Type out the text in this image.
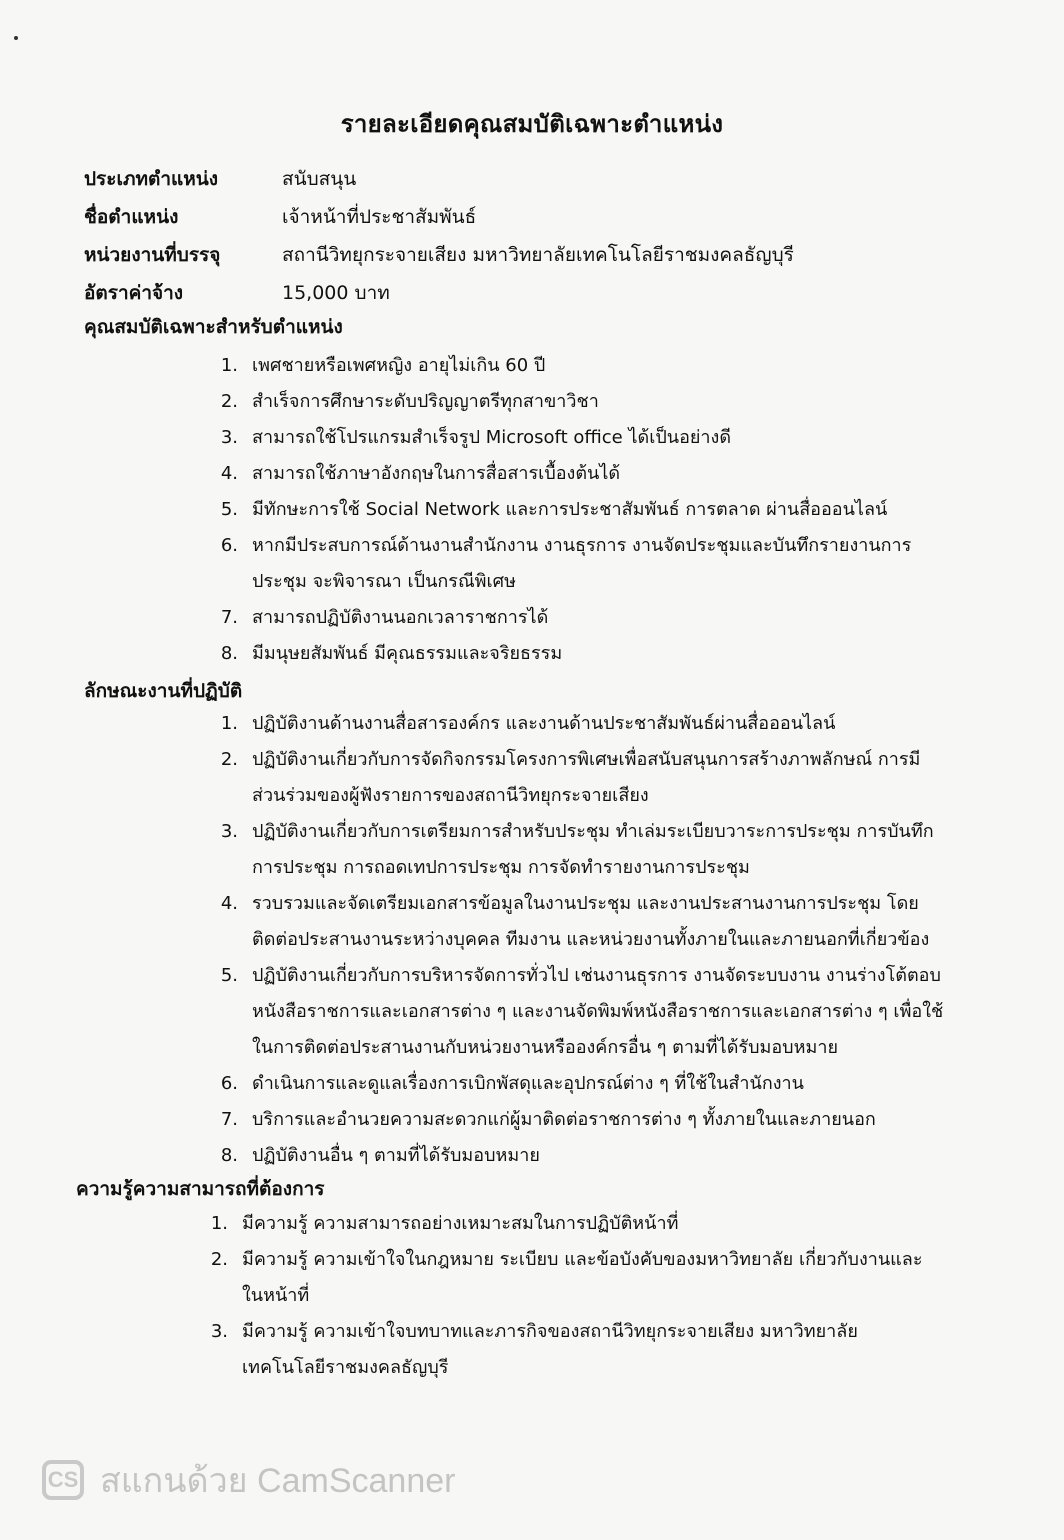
รายละเอียดคุณสมบัติเฉพาะตำแหน่ง
ประเภทตำแหน่ง	สนับสนุน
ชื่อตำแหน่ง	เจ้าหน้าที่ประชาสัมพันธ์
หน่วยงานที่บรรจุ	สถานีวิทยุกระจายเสียง มหาวิทยาลัยเทคโนโลยีราชมงคลธัญบุรี
อัตราค่าจ้าง	15,000 บาท
คุณสมบัติเฉพาะสำหรับตำแหน่ง
1. เพศชายหรือเพศหญิง อายุไม่เกิน 60 ปี
2. สำเร็จการศึกษาระดับปริญญาตรีทุกสาขาวิชา
3. สามารถใช้โปรแกรมสำเร็จรูป Microsoft office ได้เป็นอย่างดี
4. สามารถใช้ภาษาอังกฤษในการสื่อสารเบื้องต้นได้
5. มีทักษะการใช้ Social Network และการประชาสัมพันธ์ การตลาด ผ่านสื่อออนไลน์
6. หากมีประสบการณ์ด้านงานสำนักงาน งานธุรการ งานจัดประชุมและบันทึกรายงานการประชุม จะพิจารณา เป็นกรณีพิเศษ
7. สามารถปฏิบัติงานนอกเวลาราชการได้
8. มีมนุษยสัมพันธ์ มีคุณธรรมและจริยธรรม
ลักษณะงานที่ปฏิบัติ
1. ปฏิบัติงานด้านงานสื่อสารองค์กร และงานด้านประชาสัมพันธ์ผ่านสื่อออนไลน์
2. ปฏิบัติงานเกี่ยวกับการจัดกิจกรรมโครงการพิเศษเพื่อสนับสนุนการสร้างภาพลักษณ์ การมีส่วนร่วมของผู้ฟังรายการของสถานีวิทยุกระจายเสียง
3. ปฏิบัติงานเกี่ยวกับการเตรียมการสำหรับประชุม ทำเล่มระเบียบวาระการประชุม การบันทึกการประชุม การถอดเทปการประชุม การจัดทำรายงานการประชุม
4. รวบรวมและจัดเตรียมเอกสารข้อมูลในงานประชุม และงานประสานงานการประชุม โดยติดต่อประสานงานระหว่างบุคคล ทีมงาน และหน่วยงานทั้งภายในและภายนอกที่เกี่ยวข้อง
5. ปฏิบัติงานเกี่ยวกับการบริหารจัดการทั่วไป เช่นงานธุรการ งานจัดระบบงาน งานร่างโต้ตอบหนังสือราชการและเอกสารต่าง ๆ และงานจัดพิมพ์หนังสือราชการและเอกสารต่าง ๆ เพื่อใช้ในการติดต่อประสานงานกับหน่วยงานหรือองค์กรอื่น ๆ ตามที่ได้รับมอบหมาย
6. ดำเนินการและดูแลเรื่องการเบิกพัสดุและอุปกรณ์ต่าง ๆ ที่ใช้ในสำนักงาน
7. บริการและอำนวยความสะดวกแก่ผู้มาติดต่อราชการต่าง ๆ ทั้งภายในและภายนอก
8. ปฏิบัติงานอื่น ๆ ตามที่ได้รับมอบหมาย
ความรู้ความสามารถที่ต้องการ
1. มีความรู้ ความสามารถอย่างเหมาะสมในการปฏิบัติหน้าที่
2. มีความรู้ ความเข้าใจในกฎหมาย ระเบียบ และข้อบังคับของมหาวิทยาลัย เกี่ยวกับงานและในหน้าที่
3. มีความรู้ ความเข้าใจบทบาทและภารกิจของสถานีวิทยุกระจายเสียง มหาวิทยาลัยเทคโนโลยีราชมงคลธัญบุรี
CS สแกนด้วย CamScanner
